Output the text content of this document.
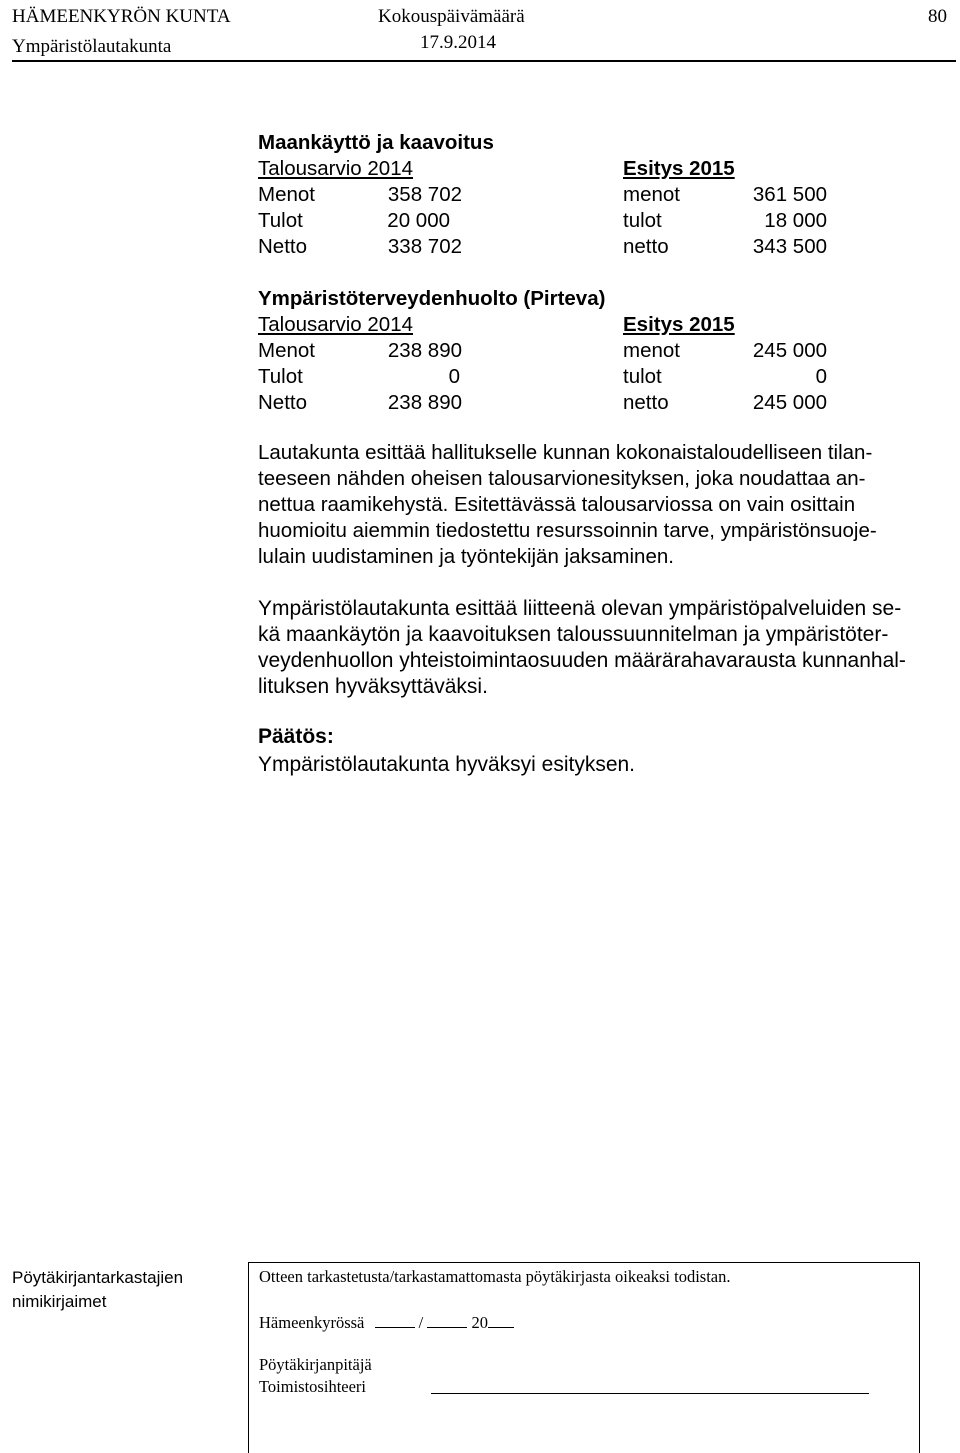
HÄMEENKYRÖN KUNTA
Ympäristölautakunta
Kokouspäivämäärä
17.9.2014
80
Maankäyttö ja kaavoitus
Talousarvio 2014	Esitys 2015
Menot	358 702	menot	361 500
Tulot	20 000	tulot	18 000
Netto	338 702	netto	343 500
Ympäristöterveydenhuolto (Pirteva)
Talousarvio 2014	Esitys 2015
Menot	238 890	menot	245 000
Tulot	0	tulot	0
Netto	238 890	netto	245 000
Lautakunta esittää hallitukselle kunnan kokonaistaloudelliseen tilan-
teeseen nähden oheisen talousarvionesityksen, joka noudattaa an-
nettua raamikehystä. Esitettävässä talousarviossa on vain osittain
huomioitu aiemmin tiedostettu resurssoinnin tarve, ympäristönsuoje-
lulain uudistaminen ja työntekijän jaksaminen.
Ympäristölautakunta esittää liitteenä olevan ympäristöpalveluiden se-
kä maankäytön ja kaavoituksen taloussuunnitelman ja ympäristöter-
veydenhuollon yhteistoimintaosuuden määrärahavarausta kunnanhal-
lituksen hyväksyttäväksi.
Päätös:
Ympäristölautakunta hyväksyi esityksen.
Pöytäkirjantarkastajien
nimikirjaimet
Otteen tarkastetusta/tarkastamattomasta pöytäkirjasta oikeaksi todistan.
Hämeenkyrössä	/	20
Pöytäkirjanpitäjä
Toimistosihteeri
